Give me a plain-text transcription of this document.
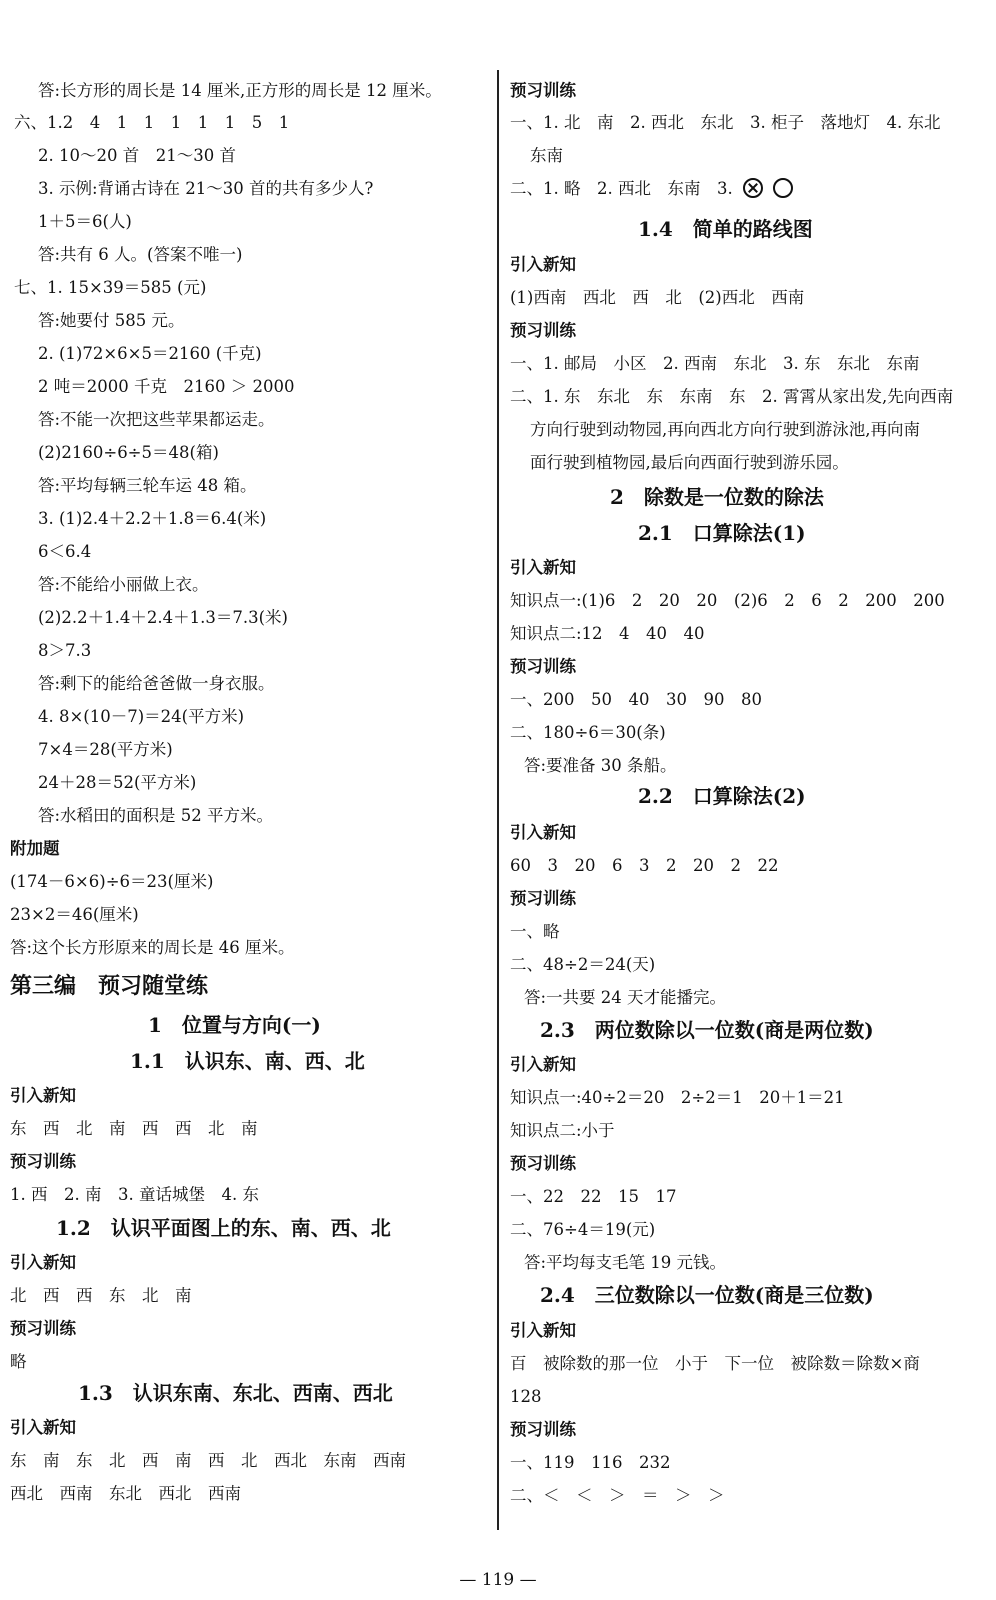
答:长方形的周长是 14 厘米,正方形的周长是 12 厘米。
六、1.2　4　1　1　1　1　1　5　1
2. 10～20 首　21～30 首
3. 示例:背诵古诗在 21～30 首的共有多少人?
1＋5＝6(人)
答:共有 6 人。(答案不唯一)
七、1. 15×39＝585 (元)
答:她要付 585 元。
2. (1)72×6×5＝2160 (千克)
2 吨＝2000 千克　2160 ＞ 2000
答:不能一次把这些苹果都运走。
(2)2160÷6÷5＝48(箱)
答:平均每辆三轮车运 48 箱。
3. (1)2.4＋2.2＋1.8＝6.4(米)
6＜6.4
答:不能给小丽做上衣。
(2)2.2＋1.4＋2.4＋1.3＝7.3(米)
8＞7.3
答:剩下的能给爸爸做一身衣服。
4. 8×(10－7)＝24(平方米)
7×4＝28(平方米)
24＋28＝52(平方米)
答:水稻田的面积是 52 平方米。
附加题
(174－6×6)÷6＝23(厘米)
23×2＝46(厘米)
答:这个长方形原来的周长是 46 厘米。
第三编　预习随堂练
1　位置与方向(一)
1.1　认识东、南、西、北
引入新知
东　西　北　南　西　西　北　南
预习训练
1. 西　2. 南　3. 童话城堡　4. 东
1.2　认识平面图上的东、南、西、北
引入新知
北　西　西　东　北　南
预习训练
略
1.3　认识东南、东北、西南、西北
引入新知
东　南　东　北　西　南　西　北　西北　东南　西南
西北　西南　东北　西北　西南
二、1. 略　2. 西北　东南　3.
预习训练
一、1. 北　南　2. 西北　东北　3. 柜子　落地灯　4. 东北
东南
1.4　简单的路线图
引入新知
(1)西南　西北　西　北　(2)西北　西南
预习训练
一、1. 邮局　小区　2. 西南　东北　3. 东　东北　东南
二、1. 东　东北　东　东南　东　2. 霄霄从家出发,先向西南
方向行驶到动物园,再向西北方向行驶到游泳池,再向南
面行驶到植物园,最后向西面行驶到游乐园。
2　除数是一位数的除法
2.1　口算除法(1)
引入新知
知识点一:(1)6　2　20　20　(2)6　2　6　2　200　200
知识点二:12　4　40　40
预习训练
一、200　50　40　30　90　80
二、180÷6＝30(条)
答:要准备 30 条船。
2.2　口算除法(2)
引入新知
60　3　20　6　3　2　20　2　22
预习训练
一、略
二、48÷2＝24(天)
答:一共要 24 天才能播完。
2.3　两位数除以一位数(商是两位数)
引入新知
知识点一:40÷2＝20　2÷2＝1　20＋1＝21
知识点二:小于
预习训练
一、22　22　15　17
二、76÷4＝19(元)
答:平均每支毛笔 19 元钱。
2.4　三位数除以一位数(商是三位数)
引入新知
百　被除数的那一位　小于　下一位　被除数＝除数×商
128
预习训练
一、119　116　232
二、＜　＜　＞　＝　＞　＞
— 119 —
